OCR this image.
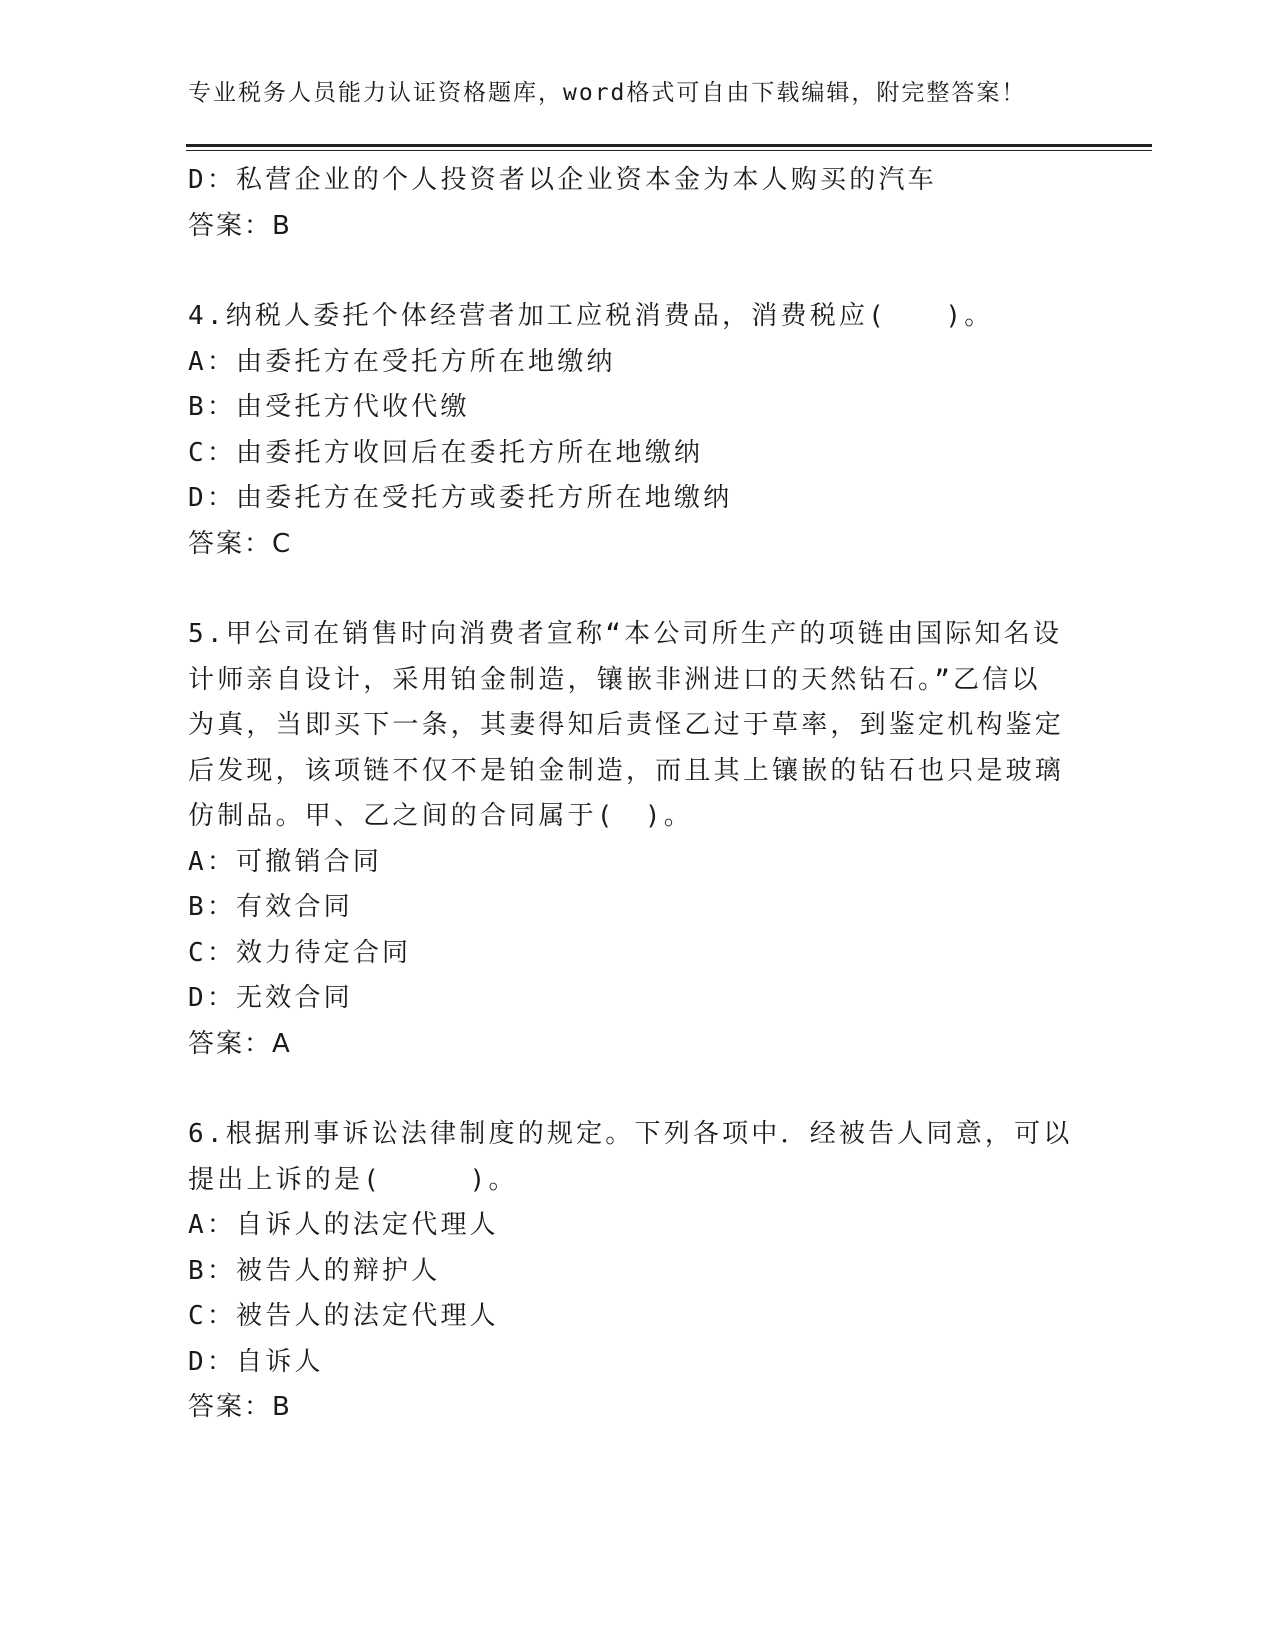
专业税务人员能力认证资格题库，word格式可自由下载编辑，附完整答案！
D：私营企业的个人投资者以企业资本金为本人购买的汽车
答案：B
4.纳税人委托个体经营者加工应税消费品，消费税应(　　)。
A：由委托方在受托方所在地缴纳
B：由受托方代收代缴
C：由委托方收回后在委托方所在地缴纳
D：由委托方在受托方或委托方所在地缴纳
答案：C
5.甲公司在销售时向消费者宣称“本公司所生产的项链由国际知名设
计师亲自设计，采用铂金制造，镶嵌非洲进口的天然钻石。”乙信以
为真，当即买下一条，其妻得知后责怪乙过于草率，到鉴定机构鉴定
后发现，该项链不仅不是铂金制造，而且其上镶嵌的钻石也只是玻璃
仿制品。甲、乙之间的合同属于(　)。
A：可撤销合同
B：有效合同
C：效力待定合同
D：无效合同
答案：A
6.根据刑事诉讼法律制度的规定。下列各项中．经被告人同意，可以
提出上诉的是(　　　)。
A：自诉人的法定代理人
B：被告人的辩护人
C：被告人的法定代理人
D：自诉人
答案：B
